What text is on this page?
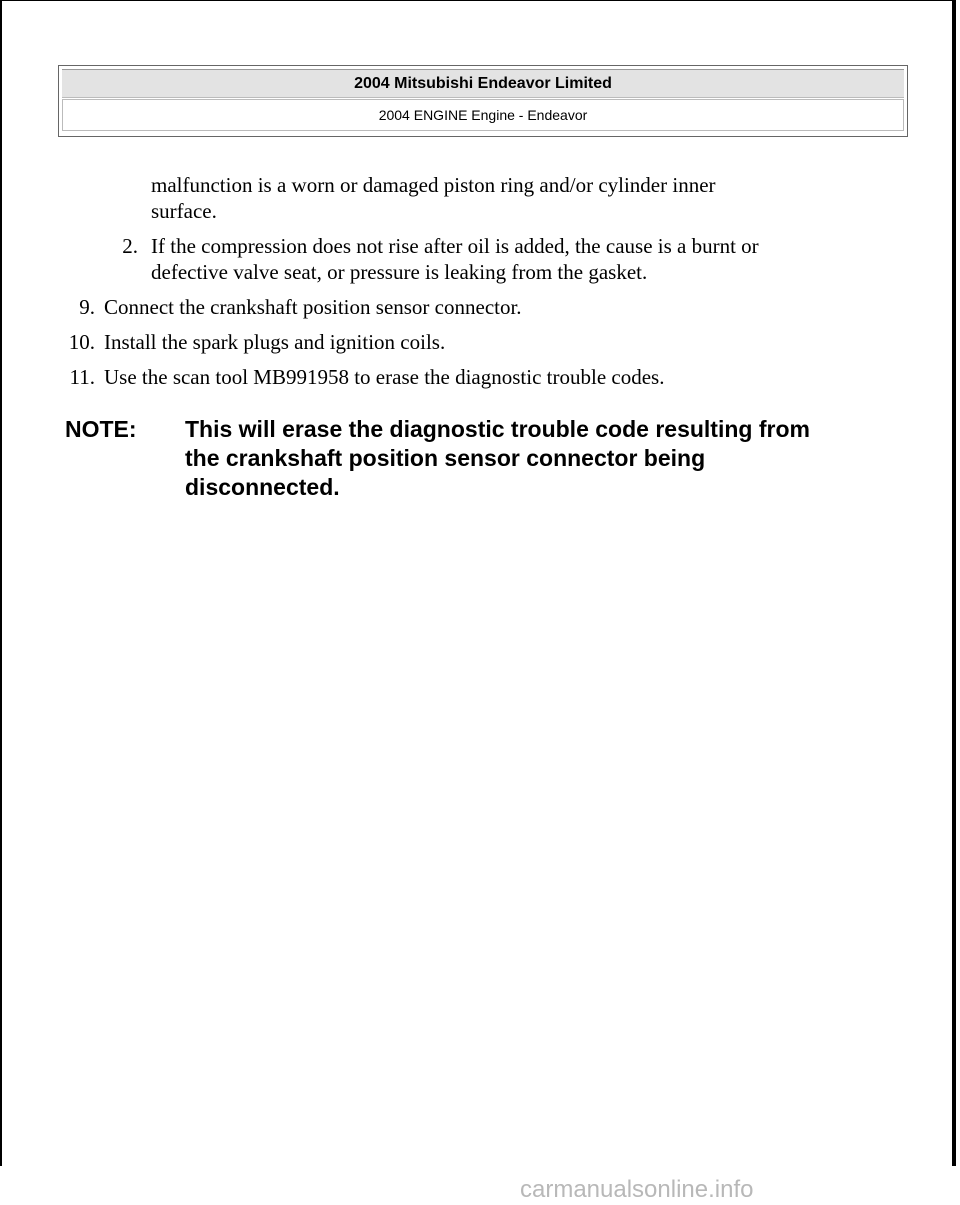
2004 Mitsubishi Endeavor Limited
2004 ENGINE Engine - Endeavor
malfunction is a worn or damaged piston ring and/or cylinder inner
surface.
2. If the compression does not rise after oil is added, the cause is a burnt or
defective valve seat, or pressure is leaking from the gasket.
9. Connect the crankshaft position sensor connector.
10. Install the spark plugs and ignition coils.
11. Use the scan tool MB991958 to erase the diagnostic trouble codes.
NOTE: This will erase the diagnostic trouble code resulting from
the crankshaft position sensor connector being
disconnected.
carmanualsonline.info
